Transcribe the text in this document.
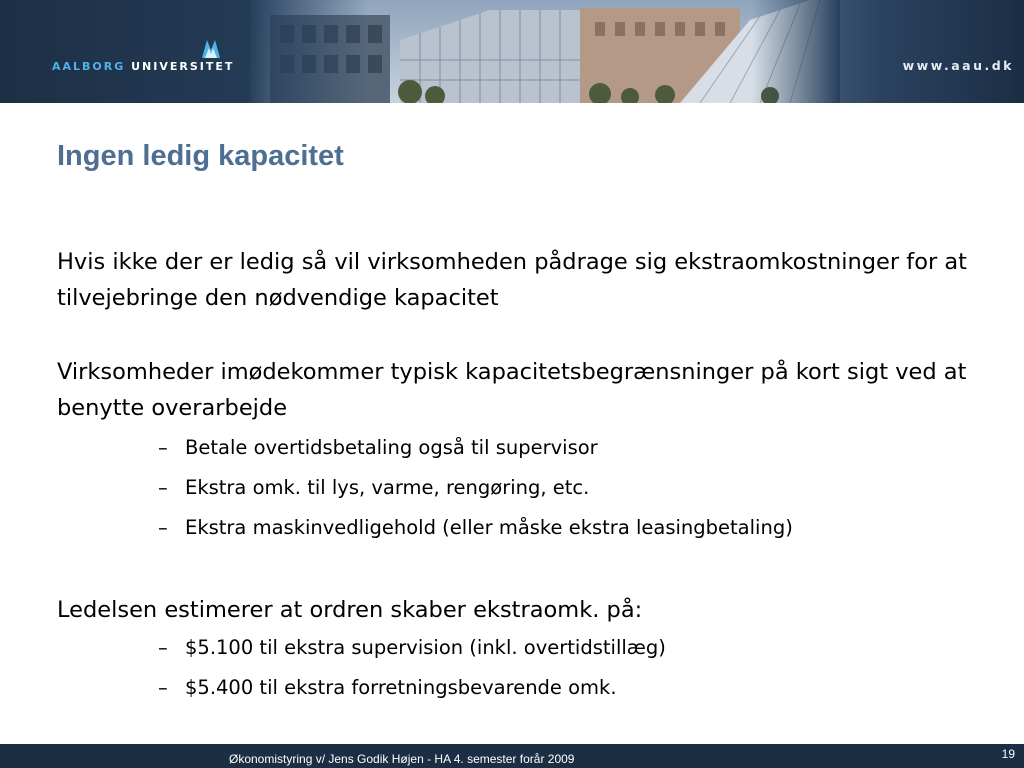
AALBORG UNIVERSITET	www.aau.dk
Ingen ledig kapacitet

Hvis ikke der er ledig så vil virksomheden pådrage sig ekstraomkostninger for at tilvejebringe den nødvendige kapacitet

Virksomheder imødekommer typisk kapacitetsbegrænsninger på kort sigt ved at benytte overarbejde

– Betale overtidsbetaling også til supervisor

– Ekstra omk. til lys, varme, rengøring, etc.

– Ekstra maskinvedligehold (eller måske ekstra leasingbetaling)

Ledelsen estimerer at ordren skaber ekstraomk. på:

– $5.100 til ekstra supervision (inkl. overtidstillæg)

– $5.400 til ekstra forretningsbevarende omk.

Økonomistyring v/ Jens Godik Højen - HA 4. semester forår 2009	19
